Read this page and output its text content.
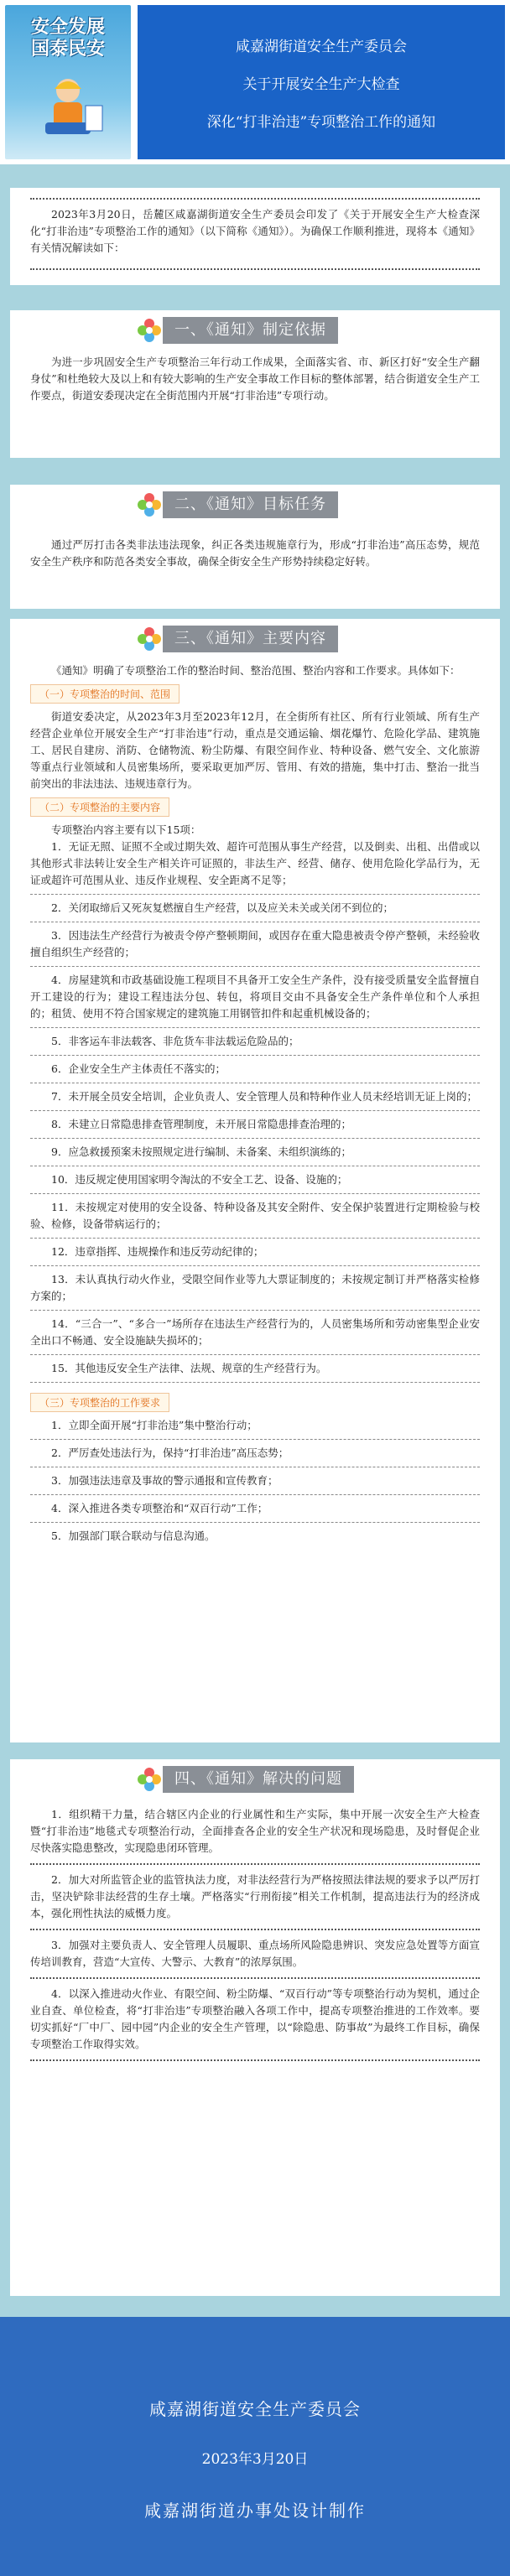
安全发展
国泰民安	咸嘉湖街道安全生产委员会
关于开展安全生产大检查
深化“打非治违”专项整治工作的通知

2023年3月20日，岳麓区咸嘉湖街道安全生产委员会印发了《关于开展安全生产大检查深化“打非治违”专项整治工作的通知》（以下简称《通知》）。为确保工作顺利推进，现将本《通知》有关情况解读如下：

一、《通知》制定依据

为进一步巩固安全生产专项整治三年行动工作成果，全面落实省、市、新区打好“安全生产翻身仗”和杜绝较大及以上和有较大影响的生产安全事故工作目标的整体部署，结合街道安全生产工作要点，街道安委现决定在全街范围内开展“打非治违”专项行动。

二、《通知》目标任务

通过严厉打击各类非法违法现象，纠正各类违规施章行为，形成“打非治违”高压态势，规范安全生产秩序和防范各类安全事故，确保全街安全生产形势持续稳定好转。

三、《通知》主要内容

《通知》明确了专项整治工作的整治时间、整治范围、整治内容和工作要求。具体如下：

（一）专项整治的时间、范围

街道安委决定，从2023年3月至2023年12月，在全街所有社区、所有行业领域、所有生产经营企业单位开展安全生产“打非治违”行动，重点是交通运输、烟花爆竹、危险化学品、建筑施工、居民自建房、消防、仓储物流、粉尘防爆、有限空间作业、特种设备、燃气安全、文化旅游等重点行业领域和人员密集场所，要采取更加严厉、管用、有效的措施，集中打击、整治一批当前突出的非法违法、违规违章行为。

（二）专项整治的主要内容

专项整治内容主要有以下15项：

1．无证无照、证照不全或过期失效、超许可范围从事生产经营，以及倒卖、出租、出借或以其他形式非法转让安全生产相关许可证照的，非法生产、经营、储存、使用危险化学品行为，无证或超许可范围从业、违反作业规程、安全距离不足等；
2．关闭取缔后又死灰复燃擅自生产经营，以及应关未关或关闭不到位的；
3．因违法生产经营行为被责令停产整顿期间，或因存在重大隐患被责令停产整顿，未经验收擅自组织生产经营的；
4．房屋建筑和市政基础设施工程项目不具备开工安全生产条件，没有接受质量安全监督擅自开工建设的行为；建设工程违法分包、转包，将项目交由不具备安全生产条件单位和个人承担的；租赁、使用不符合国家规定的建筑施工用钢管扣件和起重机械设备的；
5．非客运车非法载客、非危货车非法载运危险品的；
6．企业安全生产主体责任不落实的；
7．未开展全员安全培训，企业负责人、安全管理人员和特种作业人员未经培训无证上岗的；
8．未建立日常隐患排查管理制度，未开展日常隐患排查治理的；
9．应急救援预案未按照规定进行编制、未备案、未组织演练的；
10．违反规定使用国家明令淘汰的不安全工艺、设备、设施的；
11．未按规定对使用的安全设备、特种设备及其安全附件、安全保护装置进行定期检验与校验、检修，设备带病运行的；
12．违章指挥、违规操作和违反劳动纪律的；
13．未认真执行动火作业，受限空间作业等九大票证制度的；未按规定制订并严格落实检修方案的；
14．“三合一”、“多合一”场所存在违法生产经营行为的，人员密集场所和劳动密集型企业安全出口不畅通、安全设施缺失损坏的；
15．其他违反安全生产法律、法规、规章的生产经营行为。
（三）专项整治的工作要求
1．立即全面开展“打非治违”集中整治行动；
2．严厉查处违法行为，保持“打非治违”高压态势；
3．加强违法违章及事故的警示通报和宣传教育；
4．深入推进各类专项整治和“双百行动”工作；
5．加强部门联合联动与信息沟通。
四、《通知》解决的问题

1．组织精干力量，结合辖区内企业的行业属性和生产实际，集中开展一次安全生产大检查暨“打非治违”地毯式专项整治行动，全面排查各企业的安全生产状况和现场隐患，及时督促企业尽快落实隐患整改，实现隐患闭环管理。

2．加大对所监管企业的监管执法力度，对非法经营行为严格按照法律法规的要求予以严厉打击，坚决铲除非法经营的生存土壤。严格落实“行刑衔接”相关工作机制，提高违法行为的经济成本，强化刑性执法的威慑力度。

3．加强对主要负责人、安全管理人员履职、重点场所风险隐患辨识、突发应急处置等方面宣传培训教育，营造“大宣传、大警示、大教育”的浓厚氛围。

4．以深入推进动火作业、有限空间、粉尘防爆、“双百行动”等专项整治行动为契机，通过企业自查、单位检查，将“打非治违”专项整治融入各项工作中，提高专项整治推进的工作效率。要切实抓好“厂中厂、园中园”内企业的安全生产管理，以“除隐患、防事故”为最终工作目标，确保专项整治工作取得实效。

咸嘉湖街道安全生产委员会
2023年3月20日
咸嘉湖街道办事处设计制作
